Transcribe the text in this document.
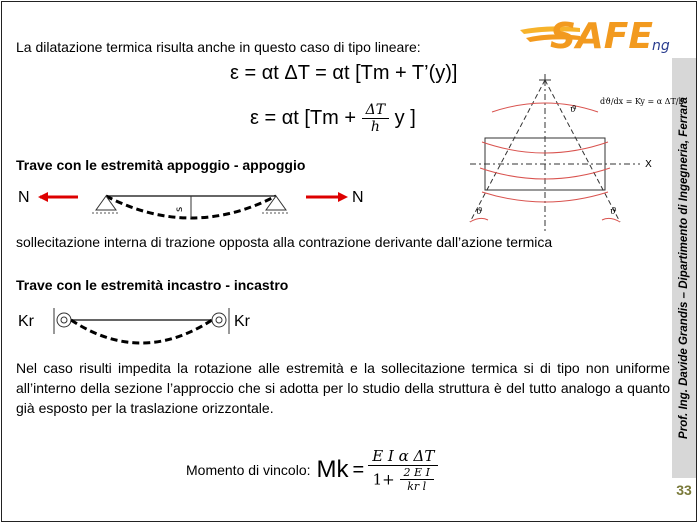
SAFE ng
Prof. Ing. Davide Grandis – Dipartimento di Ingegneria, Ferrara
33
La dilatazione termica risulta anche in questo caso di tipo lineare:
ε = αt ΔT = αt [Tm + T’(y)]
ε = αt [$Tm + \frac{\Delta T}{h}$ y ]
X
ϑ
ϑ	ϑ
dϑ/dx = Ky = α ΔT/h
Trave con le estremità appoggio - appoggio
N
s
N
sollecitazione interna di trazione opposta alla contrazione derivante dall’azione termica
Trave con le estremità incastro - incastro
Kr	Kr
Nel caso risulti impedita la rotazione alle estremità e la sollecitazione termica si di tipo non uniforme all’interno della sezione l’approccio che si adotta per lo studio della struttura è del tutto analogo a quanto già esposto per la traslazione orizzontale.
Momento di vincolo: $Mk = \frac{\text{E I α ΔT}}{1+ \frac{\text{2 E I}}{\text{kr l}}}$
